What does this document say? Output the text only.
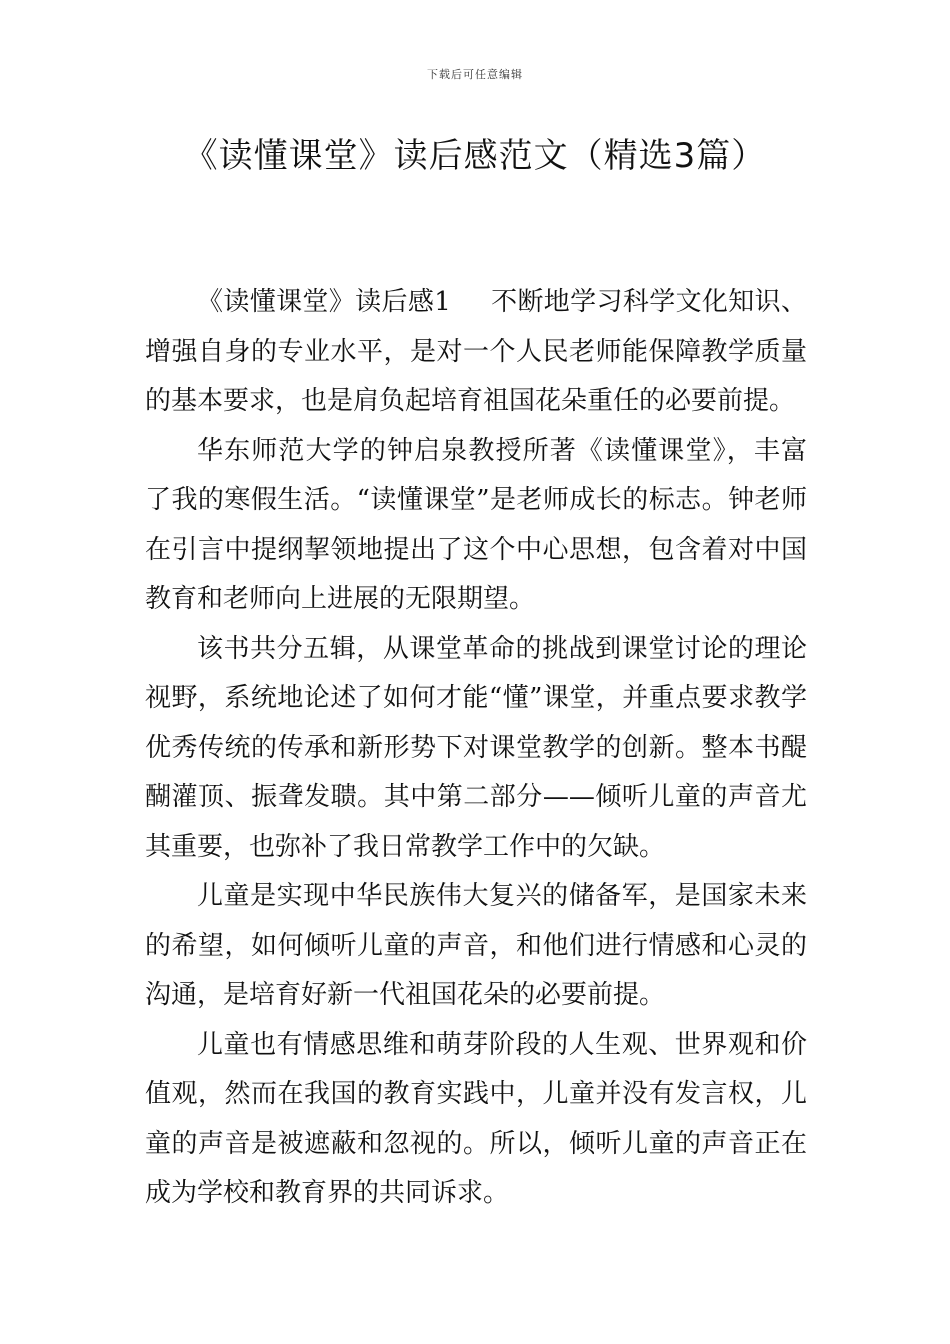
下载后可任意编辑
《读懂课堂》读后感范文（精选3篇）

《读懂课堂》读后感1 不断地学习科学文化知识、增强自身的专业水平，是对一个人民老师能保障教学质量的基本要求，也是肩负起培育祖国花朵重任的必要前提。

华东师范大学的钟启泉教授所著《读懂课堂》，丰富了我的寒假生活。“读懂课堂”是老师成长的标志。钟老师在引言中提纲挈领地提出了这个中心思想，包含着对中国教育和老师向上进展的无限期望。

该书共分五辑，从课堂革命的挑战到课堂讨论的理论视野，系统地论述了如何才能“懂”课堂，并重点要求教学优秀传统的传承和新形势下对课堂教学的创新。整本书醍醐灌顶、振聋发聩。其中第二部分——倾听儿童的声音尤其重要，也弥补了我日常教学工作中的欠缺。

儿童是实现中华民族伟大复兴的储备军，是国家未来的希望，如何倾听儿童的声音，和他们进行情感和心灵的沟通，是培育好新一代祖国花朵的必要前提。

儿童也有情感思维和萌芽阶段的人生观、世界观和价值观，然而在我国的教育实践中，儿童并没有发言权，儿童的声音是被遮蔽和忽视的。所以，倾听儿童的声音正在成为学校和教育界的共同诉求。
